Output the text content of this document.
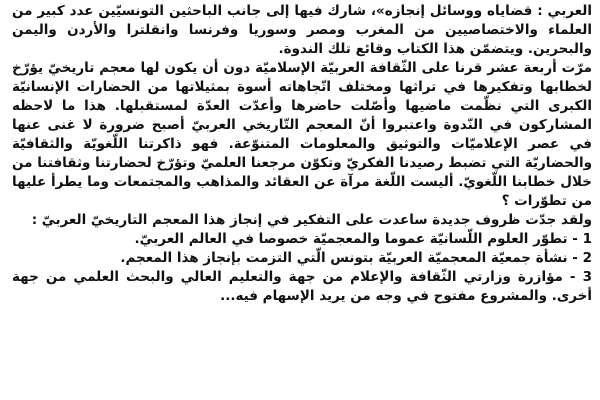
العربي : قضاياه ووسائل إنجازه»، شارك فيها إلى جانب الباحثين التونسيّين عدد كبير من العلماء والاختصاصيين من المغرب ومصر وسوريا وفرنسا وانقلترا والأردن واليمن والبحرين. ويتضمّن هذا الكتاب وقائع تلك الندوة.

مرّت أربعة عشر قرنا على الثّقافة العربيّة الإسلاميّة دون أن يكون لها معجم تاريخيّ يؤرّخ لخطابها وتفكيرها في تراثها ومختلف اتّجاهاته أسوة بمثيلاتها من الحضارات الإنسانيّة الكبرى التي نظّمت ماضيها وأصّلت حاضرها وأعدّت العدّة لمستقبلها. هذا ما لاحظه المشاركون في النّدوة واعتبروا أنّ المعجم التّاريخي العربيّ أصبح ضرورة لا غنى عنها في عصر الإعلاميّات والتوثيق والمعلومات المتنوّعة. فهو ذاكرتنا اللّغويّة والثقافيّة والحضاريّة التي تضبط رصيدنا الفكريّ وتكوّن مرجعنا العلميّ وتؤرّخ لحضارتنا وثقافتنا من خلال خطابنا اللّغويّ. أليست اللّغة مرآة عن العقائد والمذاهب والمجتمعات وما يطرأ عليها من تطوّرات ؟

ولقد جدّت ظروف جديدة ساعدت على التفكير في إنجاز هذا المعجم التاريخيّ العربيّ :

1 - تطوّر العلوم اللّسانيّة عموما والمعجميّة خصوصا في العالم العربيّ.
2 - نشأة جمعيّة المعجميّة العربيّة بتونس الّتي التزمت بإنجاز هذا المعجم.
3 - مؤازرة وزارتي الثّقافة والإعلام من جهة والتعليم العالي والبحث العلمي من جهة أخرى. والمشروع مفتوح في وجه من يريد الإسهام فيه...
